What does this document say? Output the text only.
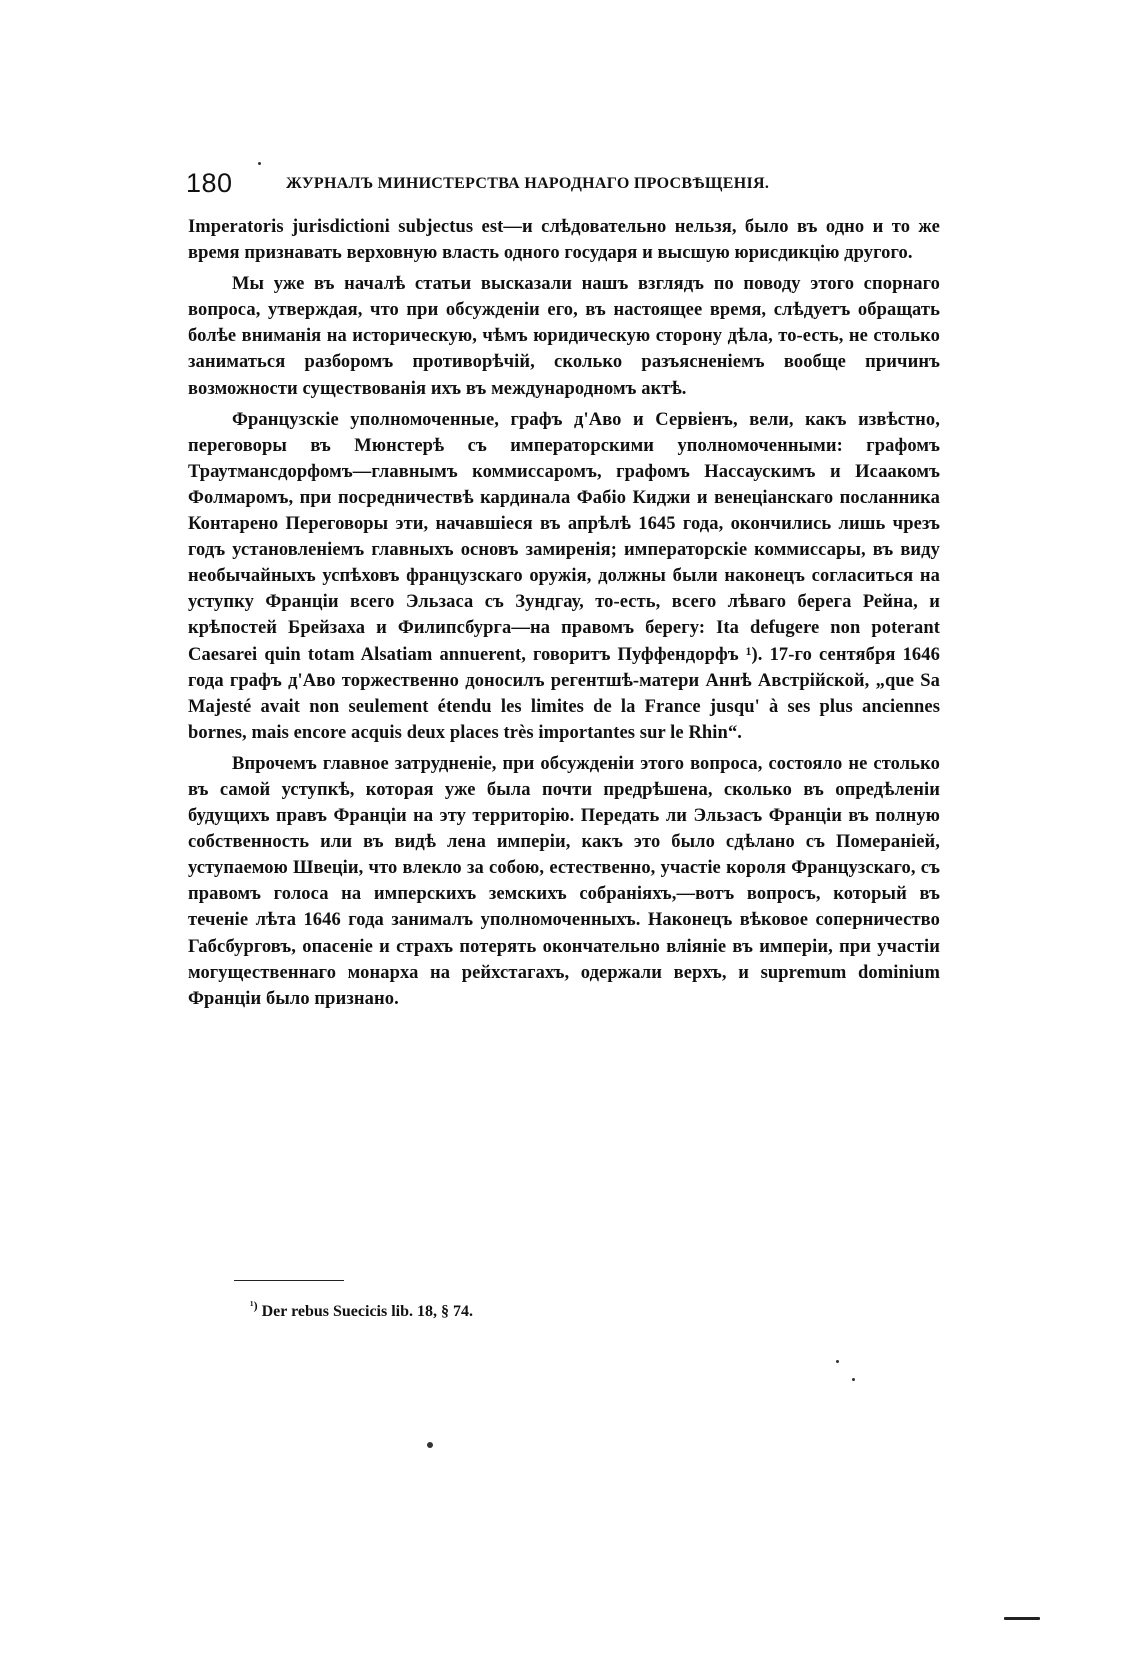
180	ЖУРНАЛЪ МИНИСТЕРСТВА НАРОДНАГО ПРОСВѢЩЕНІЯ.

Imperatoris jurisdictioni subjectus est—и слѣдовательно нельзя, было въ одно и то же время признавать верховную власть одного государя и высшую юрисдикцію другого.

Мы уже въ началѣ статьи высказали нашъ взглядъ по поводу этого спорнаго вопроса, утверждая, что при обсужденіи его, въ настоящее время, слѣдуетъ обращать болѣе вниманія на историческую, чѣмъ юридическую сторону дѣла, то-есть, не столько заниматься разборомъ противорѣчій, сколько разъясненіемъ вообще причинъ возможности существованія ихъ въ международномъ актѣ.

Французскіе уполномоченные, графъ д'Аво и Сервіенъ, вели, какъ извѣстно, переговоры въ Мюнстерѣ съ императорскими уполномоченными: графомъ Траутмансдорфомъ—главнымъ коммиссаромъ, графомъ Нассаускимъ и Исаакомъ Фолмаромъ, при посредничествѣ кардинала Фабіо Киджи и венеціанскаго посланника Контарено Переговоры эти, начавшіеся въ апрѣлѣ 1645 года, окончились лишь чрезъ годъ установленіемъ главныхъ основъ замиренія; императорскіе коммиссары, въ виду необычайныхъ успѣховъ французскаго оружія, должны были наконецъ согласиться на уступку Франціи всего Эльзаса съ Зундгау, то-есть, всего лѣваго берега Рейна, и крѣпостей Брейзаха и Филипсбурга—на правомъ берегу: Ita defugere non poterant Caesarei quin totam Alsatiam annuerent, говоритъ Пуффендорфъ ¹). 17-го сентября 1646 года графъ д'Аво торжественно доносилъ регентшѣ-матери Аннѣ Австрійской, „que Sa Majesté avait non seulement étendu les limites de la France jusqu' à ses plus anciennes bornes, mais encore acquis deux places très importantes sur le Rhin“.

Впрочемъ главное затрудненіе, при обсужденіи этого вопроса, состояло не столько въ самой уступкѣ, которая уже была почти предрѣшена, сколько въ опредѣленіи будущихъ правъ Франціи на эту территорію. Передать ли Эльзасъ Франціи въ полную собственность или въ видѣ лена имперіи, какъ это было сдѣлано съ Помераніей, уступаемою Швеціи, что влекло за собою, естественно, участіе короля Французскаго, съ правомъ голоса на имперскихъ земскихъ собраніяхъ,—вотъ вопросъ, который въ теченіе лѣта 1646 года занималъ уполномоченныхъ. Наконецъ вѣковое соперничество Габсбурговъ, опасеніе и страхъ потерять окончательно вліяніе въ имперіи, при участіи могущественнаго монарха на рейхстагахъ, одержали верхъ, и supremum dominium Франціи было признано.

$^{^1)}$ Der rebus Suecicis lib. 18, § 74.
